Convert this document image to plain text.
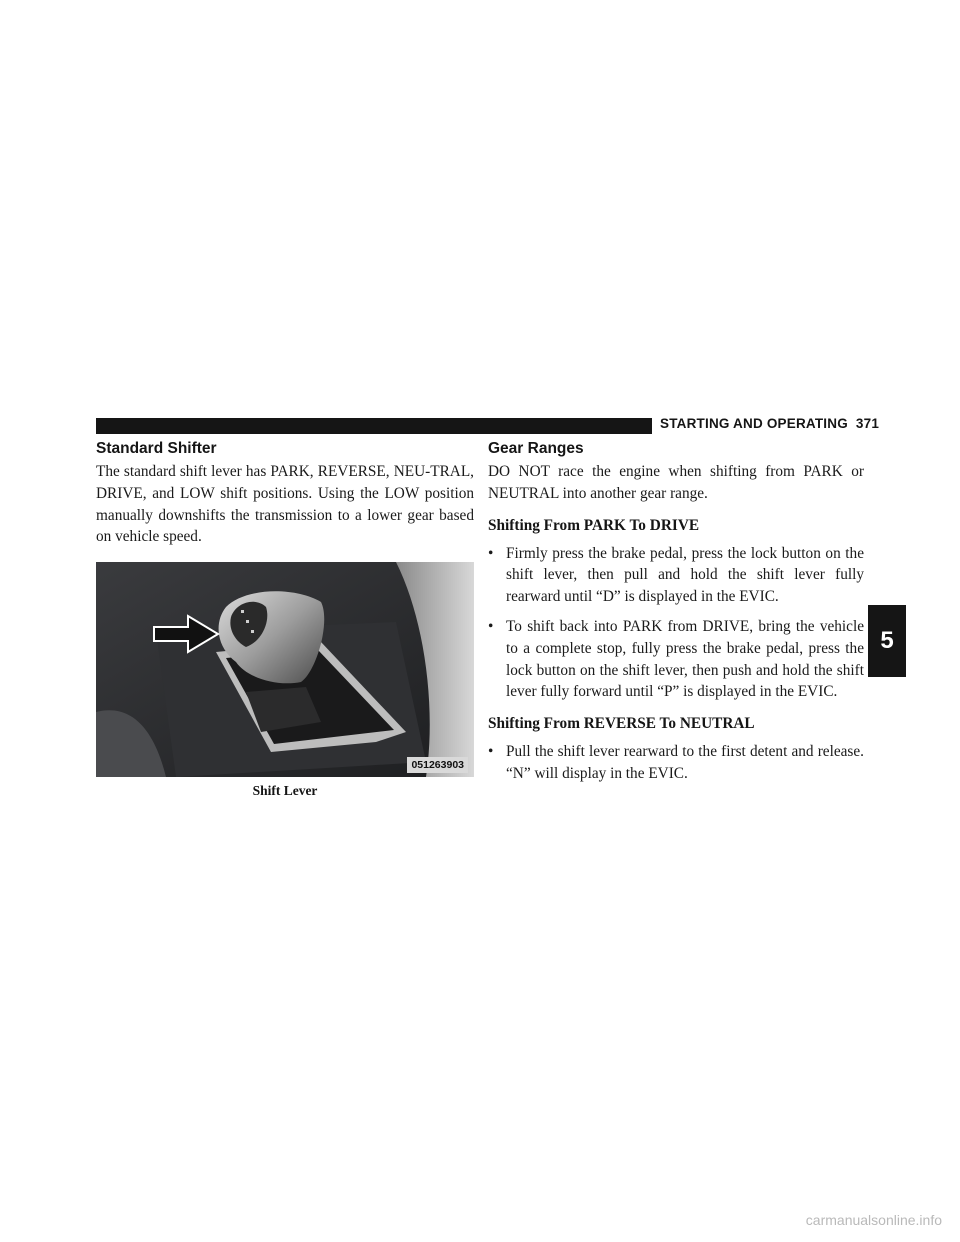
STARTING AND OPERATING 371
5
Standard Shifter

The standard shift lever has PARK, REVERSE, NEU-TRAL, DRIVE, and LOW shift positions. Using the LOW position manually downshifts the transmission to a lower gear based on vehicle speed.

051263903
Shift Lever
Gear Ranges

DO NOT race the engine when shifting from PARK or NEUTRAL into another gear range.

Shifting From PARK To DRIVE
• Firmly press the brake pedal, press the lock button on the shift lever, then pull and hold the shift lever fully rearward until “D” is displayed in the EVIC.
• To shift back into PARK from DRIVE, bring the vehicle to a complete stop, fully press the brake pedal, press the lock button on the shift lever, then push and hold the shift lever fully forward until “P” is displayed in the EVIC.
Shifting From REVERSE To NEUTRAL
• Pull the shift lever rearward to the first detent and release. “N” will display in the EVIC.
carmanualsonline.info
